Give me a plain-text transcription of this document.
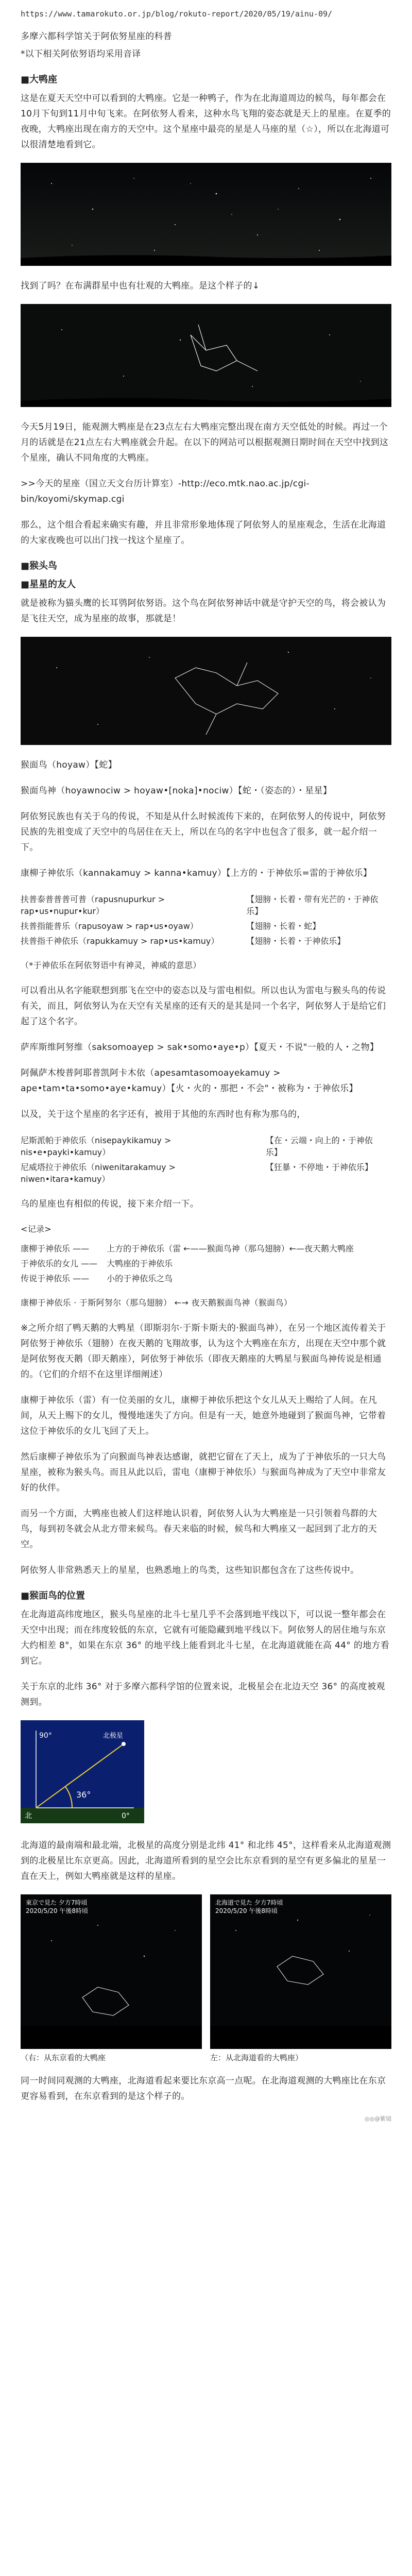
https://www.tamarokuto.or.jp/blog/rokuto-report/2020/05/19/ainu-09/

多摩六都科学馆关于阿依努星座的科普

*以下相关阿依努语均采用音译

■大鸭座

这是在夏天天空中可以看到的大鸭座。它是一种鸭子，作为在北海道周边的候鸟，每年都会在10月下旬到11月中旬飞来。在阿依努人看来，这种水鸟飞翔的姿态就是天上的星座。在夏季的夜晚，大鸭座出现在南方的天空中。这个星座中最亮的星是人马座的星（☆），所以在北海道可以很清楚地看到它。

找到了吗？在布满群星中也有壮观的大鸭座。是这个样子的↓

今天5月19日，能观测大鸭座是在23点左右大鸭座完整出现在南方天空低处的时候。再过一个月的话就是在21点左右大鸭座就会升起。在以下的网站可以根据观测日期时间在天空中找到这个星座，确认不同角度的大鸭座。

>>今天的星座（国立天文台历计算室）-http://eco.mtk.nao.ac.jp/cgi-bin/koyomi/skymap.cgi

那么，这个组合看起来确实有趣，并且非常形象地体现了阿依努人的星座观念，生活在北海道的大家夜晚也可以出门找一找这个星座了。

■猴头鸟
■星星的友人

就是被称为猫头鹰的长耳鸮阿依努语。这个鸟在阿依努神话中就是守护天空的鸟，将会被认为是飞往天空，成为星座的故事，那就是！

猴面鸟（hoyaw）【蛇】

猴面鸟神（hoyawnociw > hoyaw•[noka]•nociw）【蛇・（姿态的）・星星】

阿依努民族也有关于乌的传说，不知是从什么时候流传下来的，在阿依努人的传说中，阿依努民族的先祖变成了天空中的鸟居住在天上，所以在乌的名字中也包含了很多，就一起介绍一下。

康柳子神依乐（kannakamuy > kanna•kamuy）【上方的・于神依乐=雷的于神依乐】

扶普泰普普普可普（rapusnupurkur > rap•us•nupur•kur）	【翅膀・长着・带有光芒的・于神依乐】
扶普指能普乐（rapusoyaw > rap•us•oyaw）	【翅膀・长着・蛇】
扶普指千神依乐（rapukkamuy > rap•us•kamuy）	【翅膀・长着・于神依乐】

（*于神依乐在阿依努语中有神灵，神威的意思）

可以看出从名字能联想到那飞在空中的姿态以及与雷电相似。所以也认为雷电与猴头鸟的传说有关，而且，阿依努认为在天空有关星座的还有天的是其是同一个名字，阿依努人于是给它们起了这个名字。

萨库斯维阿努维（saksomoayep > sak•somo•aye•p）【夏天・不说"一般的人・之物】

阿佩萨木梭普阿耶普凯阿卡木依（apesamtasomoayekamuy > ape•tam•ta•somo•aye•kamuy）【火・火的・那把・不会"・被称为・于神依乐】

以及，关于这个星座的名字还有，被用于其他的东西时也有称为那乌的，

尼斯派帕于神依乐（nisepaykikamuy > nis•e•payki•kamuy）	【在・云端・向上的・于神依乐】
尼威塔拉于神依乐（niwenitarakamuy > niwen•itara•kamuy）	【狂暴・不停地・于神依乐】

乌的星座也有相似的传说，接下来介绍一下。

<记录>

康柳于神依乐 ——	上方的于神依乐（雷 ←——猴面鸟神（那乌翅膀）←—夜天鹅大鸭座
于神依乐的女儿 ——	大鸭座的于神依乐
传说于神依乐 ——	小的于神依乐之鸟

康柳于神依乐 · 于斯阿努尔（那乌翅膀） ←→ 夜天鹅猴面鸟神（猴面鸟）

※之所介绍了鸭天鹅的大鸭星（即斯羽尔·于斯卡斯夫的·猴面鸟神），在另一个地区流传着关于阿依努于神依乐（翅膀）在夜天鹅的飞翔故事，认为这个大鸭座在东方，出现在天空中那个就是阿依努夜天鹅（即天鹅座），阿依努于神依乐（即夜天鹅座的大鸭星与猴面鸟神传说是相通的。（它们的介绍不在这里详细阐述）

康柳于神依乐（雷）有一位美丽的女儿，康柳于神依乐把这个女儿从天上赐给了人间。在凡间，从天上赐下的女儿，慢慢地迷失了方向。但是有一天，她意外地碰到了猴面鸟神，它带着这位于神依乐的女儿飞回了天上。

然后康柳子神依乐为了向猴面鸟神表达感谢，就把它留在了天上，成为了于神依乐的一只大鸟星座，被称为猴头鸟。而且从此以后，雷电（康柳于神依乐）与猴面鸟神成为了天空中非常友好的伙伴。

而另一个方面，大鸭座也被人们这样地认识着，阿依努人认为大鸭座是一只引领着鸟群的大鸟，每到初冬就会从北方带来候鸟。春天来临的时候，候鸟和大鸭座又一起回到了北方的天空。

阿依努人非常熟悉天上的星星，也熟悉地上的鸟类，这些知识都包含在了这些传说中。

■猴面鸟的位置

在北海道高纬度地区，猴头鸟星座的北斗七星几乎不会落到地平线以下，可以说一整年都会在天空中出现；而在纬度较低的东京，它就有可能隐藏到地平线以下。阿依努人的居住地与东京大约相差 8°，如果在东京 36° 的地平线上能看到北斗七星，在北海道就能在高 44° 的地方看到它。

关于东京的北纬 36° 对于多摩六都科学馆的位置来说，北极星会在北边天空 36° 的高度被观测到。

36°
90°
0°
北
北极星

北海道的最南端和最北端，北极星的高度分别是北纬 41° 和北纬 45°，这样看来从北海道观测到的北极星比东京更高。因此，北海道所看到的星空会比东京看到的星空有更多偏北的星星一直在天上，例如大鸭座就是这样的星座。

東京で見た 夕方7時頃
2020/5/20 午後8時頃
北海道で見た 夕方7時頃
2020/5/20 午後8時頃
（右：从东京看的大鸭座	左：从北海道看的大鸭座）

同一时间同观测的大鸭座，北海道看起来要比东京高一点呢。在北海道观测的大鸭座比在东京更容易看到，在东京看到的是这个样子的。

◎◎@紫镜
